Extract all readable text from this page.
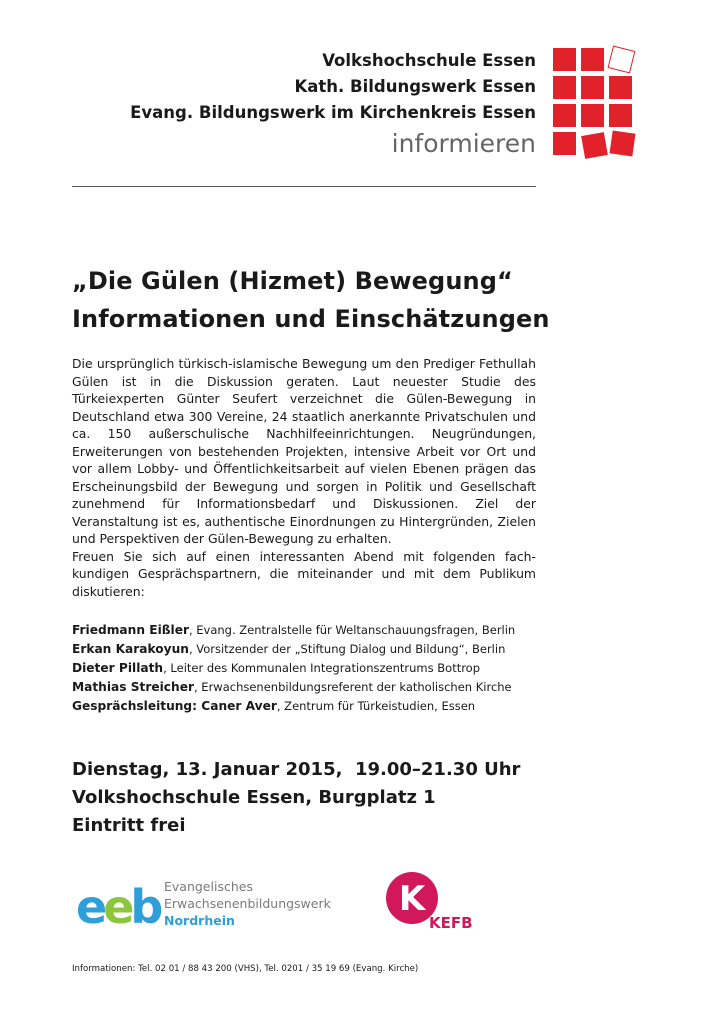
Volkshochschule Essen
Kath. Bildungswerk Essen
Evang. Bildungswerk im Kirchenkreis Essen
informieren
„Die Gülen (Hizmet) Bewegung“
Informationen und Einschätzungen

Die ursprünglich türkisch-islamische Bewegung um den Prediger Fethullah Gülen ist in die Diskussion geraten. Laut neuester Studie des Türkeiexperten Günter Seufert verzeichnet die Gülen-Bewegung in Deutschland etwa 300 Vereine, 24 staatlich anerkannte Privatschulen und ca. 150 außerschulische Nachhilfeeinrichtungen. Neugründungen, Erweiterungen von bestehenden Projekten, intensive Arbeit vor Ort und vor allem Lobby- und Öffentlichkeitsarbeit auf vielen Ebenen prägen das Erscheinungsbild der Bewegung und sorgen in Politik und Gesellschaft zunehmend für Informationsbedarf und Diskussionen. Ziel der Veranstaltung ist es, authentische Einordnungen zu Hintergründen, Zielen und Perspektiven der Gülen-Bewegung zu erhalten.

Freuen Sie sich auf einen interessanten Abend mit folgenden fach-kundigen Gesprächspartnern, die miteinander und mit dem Publikum diskutieren:

Friedmann Eißler, Evang. Zentralstelle für Weltanschauungsfragen, Berlin
Erkan Karakoyun, Vorsitzender der „Stiftung Dialog und Bildung“, Berlin
Dieter Pillath, Leiter des Kommunalen Integrationszentrums Bottrop
Mathias Streicher, Erwachsenenbildungsreferent der katholischen Kirche
Gesprächsleitung: Caner Aver, Zentrum für Türkeistudien, Essen
Dienstag, 13. Januar 2015,  19.00–21.30 Uhr
Volkshochschule Essen, Burgplatz 1
Eintritt frei
eeb Evangelisches
Erwachsenenbildungswerk
Nordrhein
K
KEFB
Informationen: Tel. 02 01 / 88 43 200 (VHS), Tel. 0201 / 35 19 69 (Evang. Kirche)
